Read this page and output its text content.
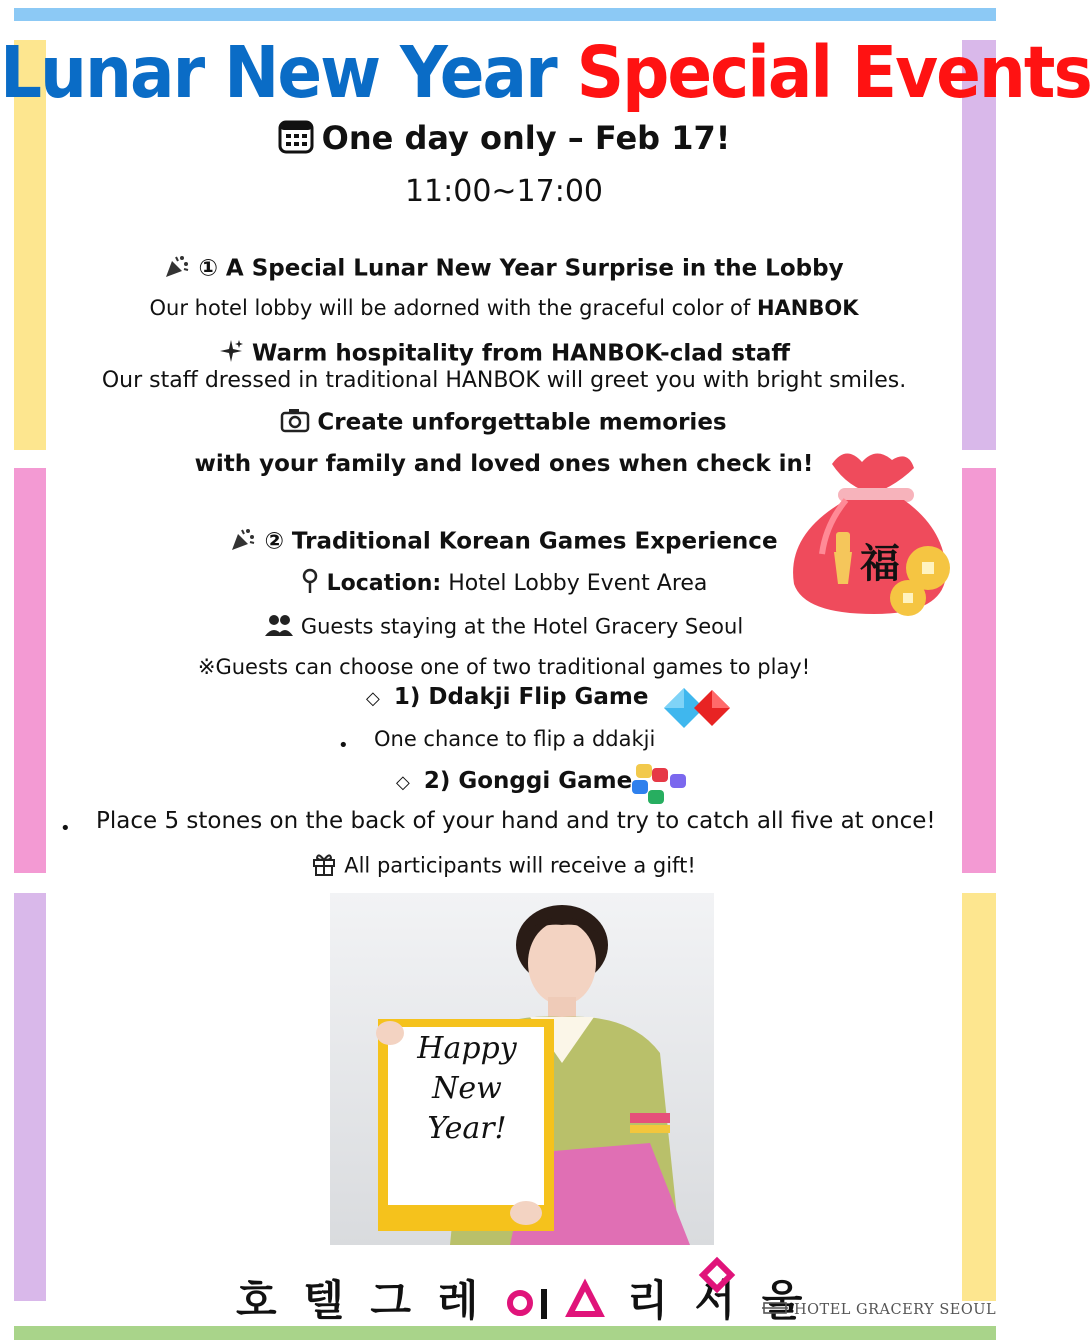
Lunar New Year Special Events
One day only – Feb 17!
11:00~17:00
① A Special Lunar New Year Surprise in the Lobby
Our hotel lobby will be adorned with the graceful color of HANBOK
Warm hospitality from HANBOK-clad staff
Our staff dressed in traditional HANBOK will greet you with bright smiles.
Create unforgettable memories
with your family and loved ones when check in!
② Traditional Korean Games Experience
Location: Hotel Lobby Event Area
Guests staying at the Hotel Gracery Seoul
※Guests can choose one of two traditional games to play!
◇ 1) Ddakji Flip Game
• One chance to flip a ddakji
◇ 2) Gonggi Game
• Place 5 stones on the back of your hand and try to catch all five at once!
All participants will receive a gift!
福
Happy
New
Year!
호 텔 그 레  리 서 울
HOTEL GRACERY SEOUL
